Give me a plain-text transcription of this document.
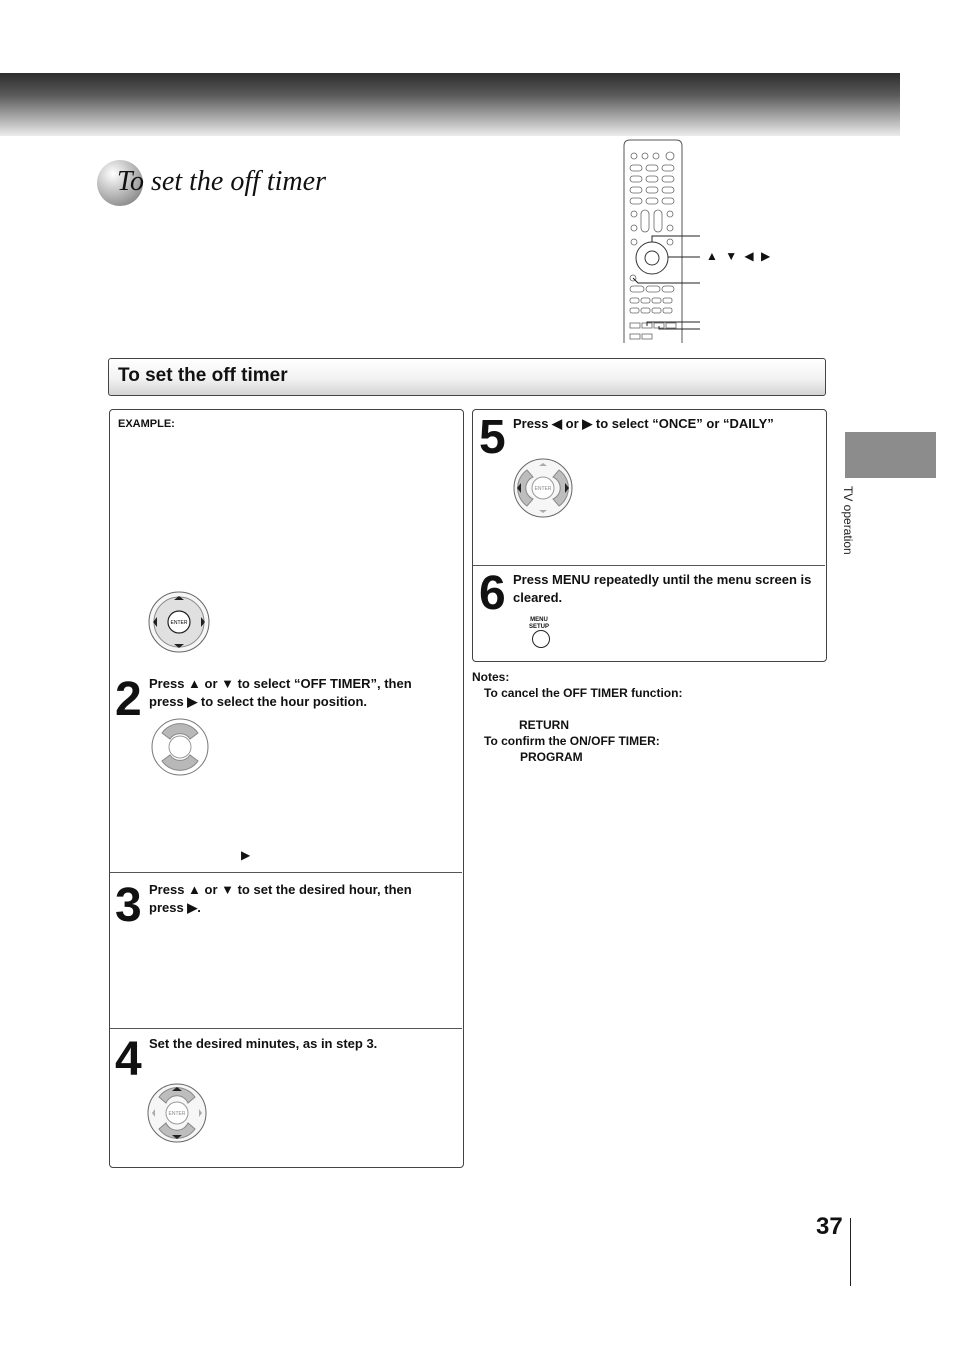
To set the off timer
▲ ▼ ◀ ▶
To set the off timer
EXAMPLE:
ENTER
2 Press ▲ or ▼ to select “OFF TIMER”, then press ▶ to select the hour position.
▶
3 Press ▲ or ▼ to set the desired hour, then press ▶.
4 Set the desired minutes, as in step 3.
ENTER
5 Press ◀ or ▶ to select “ONCE” or “DAILY”
ENTER
6 Press MENU repeatedly until the menu screen is cleared.
MENU
SETUP
Notes:
To cancel the OFF TIMER function:
RETURN
To confirm the ON/OFF TIMER:
PROGRAM
TV operation
37
